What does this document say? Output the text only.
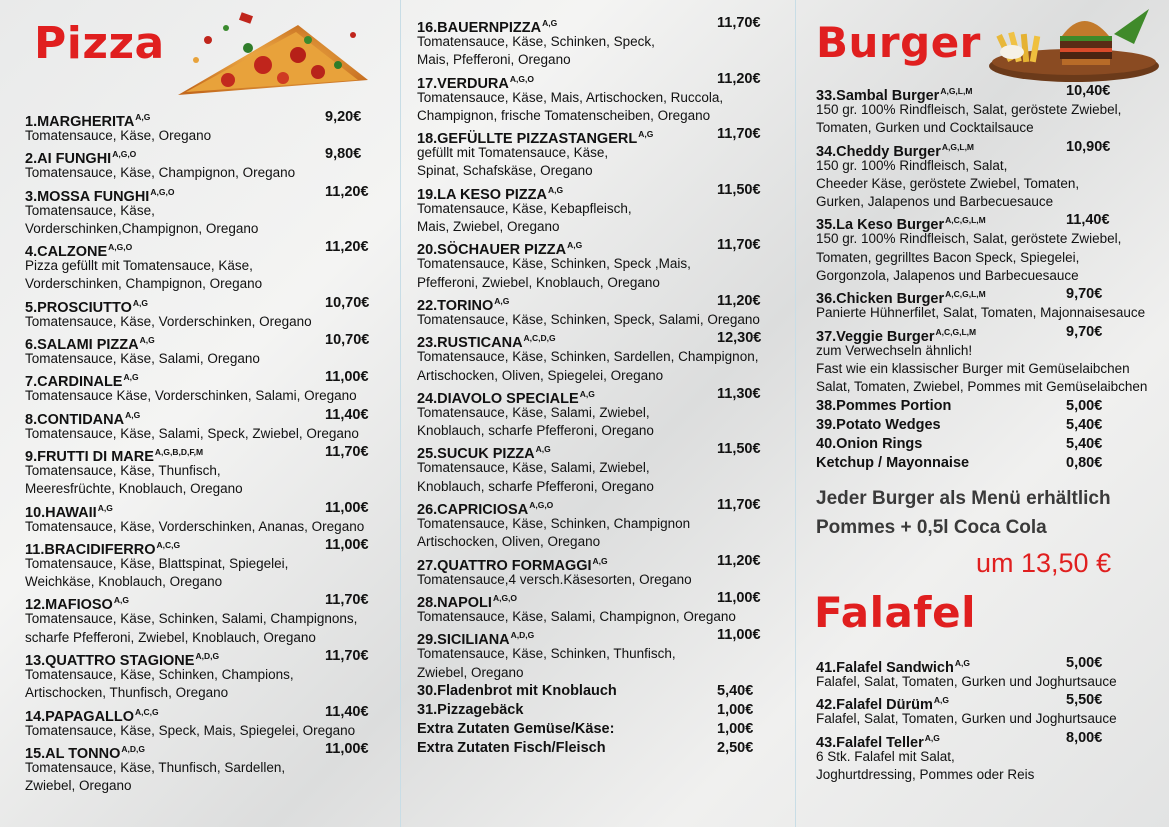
Pizza
$1.MARGHERITA^{A,G}$	9,20€
Tomatensauce, Käse, Oregano
2.AI $FUNGHI^{A,G,O}$	9,80€
Tomatensauce, Käse, Champignon, Oregano
3.MOSSA $FUNGHI^{A,G,O}$	11,20€
Tomatensauce, Käse,
Vorderschinken,Champignon, Oregano
$4.CALZONE^{A,G,O}$	11,20€
Pizza gefüllt mit Tomatensauce, Käse,
Vorderschinken, Champignon, Oregano
$5.PROSCIUTTO^{A,G}$	10,70€
Tomatensauce, Käse, Vorderschinken, Oregano
6.SALAMI $PIZZA^{A,G}$	10,70€
Tomatensauce, Käse, Salami, Oregano
$7.CARDINALE^{A,G}$	11,00€
Tomatensauce Käse, Vorderschinken, Salami, Oregano
$8.CONTIDANA^{A,G}$	11,40€
Tomatensauce, Käse, Salami, Speck, Zwiebel, Oregano
9.FRUTTI DI $MARE^{A,G,B,D,F,M}$	11,70€
Tomatensauce, Käse, Thunfisch,
Meeresfrüchte, Knoblauch, Oregano
$10.HAWAII^{A,G}$	11,00€
Tomatensauce, Käse, Vorderschinken, Ananas, Oregano
$11.BRACIDIFERRO^{A,C,G}$	11,00€
Tomatensauce, Käse, Blattspinat, Spiegelei,
Weichkäse, Knoblauch, Oregano
$12.MAFIOSO^{A,G}$	11,70€
Tomatensauce, Käse, Schinken, Salami, Champignons,
scharfe Pfefferoni, Zwiebel, Knoblauch, Oregano
13.QUATTRO $STAGIONE^{A,D,G}$	11,70€
Tomatensauce, Käse, Schinken, Champions,
Artischocken, Thunfisch, Oregano
$14.PAPAGALLO^{A,C,G}$	11,40€
Tomatensauce, Käse, Speck, Mais, Spiegelei, Oregano
15.AL $TONNO^{A,D,G}$	11,00€
Tomatensauce, Käse, Thunfisch, Sardellen,
Zwiebel, Oregano
$16.BAUERNPIZZA^{A,G}$	11,70€
Tomatensauce, Käse, Schinken, Speck,
Mais, Pfefferoni, Oregano
$17.VERDURA^{A,G,O}$	11,20€
Tomatensauce, Käse, Mais, Artischocken, Ruccola,
Champignon, frische Tomatenscheiben, Oregano
18.GEFÜLLTE $PIZZASTANGERL^{A,G}$	11,70€
gefüllt mit Tomatensauce, Käse,
Spinat, Schafskäse, Oregano
19.LA KESO $PIZZA^{A,G}$	11,50€
Tomatensauce, Käse, Kebapfleisch,
Mais, Zwiebel, Oregano
20.SÖCHAUER $PIZZA^{A,G}$	11,70€
Tomatensauce, Käse, Schinken, Speck ,Mais,
Pfefferoni, Zwiebel, Knoblauch, Oregano
$22.TORINO^{A,G}$	11,20€
Tomatensauce, Käse, Schinken, Speck, Salami, Oregano
$23.RUSTICANA^{A,C,D,G}$	12,30€
Tomatensauce, Käse, Schinken, Sardellen, Champignon,
Artischocken, Oliven, Spiegelei, Oregano
24.DIAVOLO $SPECIALE^{A,G}$	11,30€
Tomatensauce, Käse, Salami, Zwiebel,
Knoblauch, scharfe Pfefferoni, Oregano
25.SUCUK $PIZZA^{A,G}$	11,50€
Tomatensauce, Käse, Salami, Zwiebel,
Knoblauch, scharfe Pfefferoni, Oregano
$26.CAPRICIOSA^{A,G,O}$	11,70€
Tomatensauce, Käse, Schinken, Champignon
Artischocken, Oliven, Oregano
27.QUATTRO $FORMAGGI^{A,G}$	11,20€
Tomatensauce,4 versch.Käsesorten, Oregano
$28.NAPOLI^{A,G,O}$	11,00€
Tomatensauce, Käse, Salami, Champignon, Oregano
$29.SICILIANA^{A,D,G}$	11,00€
Tomatensauce, Käse, Schinken, Thunfisch,
Zwiebel, Oregano
30.Fladenbrot mit Knoblauch	5,40€
31.Pizzagebäck	1,00€
Extra Zutaten Gemüse/Käse:	1,00€
Extra Zutaten Fisch/Fleisch	2,50€
Burger
33.Sambal Burger$^{A,G,L,M}$	10,40€
150 gr. 100% Rindfleisch, Salat, geröstete Zwiebel,
Tomaten, Gurken und Cocktailsauce
34.Cheddy Burger$^{A,G,L,M}$	10,90€
150 gr. 100% Rindfleisch, Salat,
Cheeder Käse, geröstete Zwiebel, Tomaten,
Gurken, Jalapenos und Barbecuesauce
35.La Keso Burger$^{A,C,G,L,M}$	11,40€
150 gr. 100% Rindfleisch, Salat, geröstete Zwiebel,
Tomaten, gegrilltes Bacon Speck, Spiegelei,
Gorgonzola, Jalapenos und Barbecuesauce
36.Chicken Burger$^{A,C,G,L,M}$	9,70€
Panierte Hühnerfilet, Salat, Tomaten, Majonnaisesauce
37.Veggie Burger$^{A,C,G,L,M}$	9,70€
zum Verwechseln ähnlich!
Fast wie ein klassischer Burger mit Gemüselaibchen
Salat, Tomaten, Zwiebel, Pommes mit Gemüselaibchen
38.Pommes Portion	5,00€
39.Potato Wedges	5,40€
40.Onion Rings	5,40€
Ketchup / Mayonnaise	0,80€
Jeder Burger als Menü erhältlich
Pommes + 0,5l Coca Cola
um 13,50 €
Falafel
41.Falafel Sandwich$^{A,G}$	5,00€
Falafel, Salat, Tomaten, Gurken und Joghurtsauce
42.Falafel Dürüm$^{A,G}$	5,50€
Falafel, Salat, Tomaten, Gurken und Joghurtsauce
43.Falafel Teller$^{A,G}$	8,00€
6 Stk. Falafel mit Salat,
Joghurtdressing, Pommes oder Reis
